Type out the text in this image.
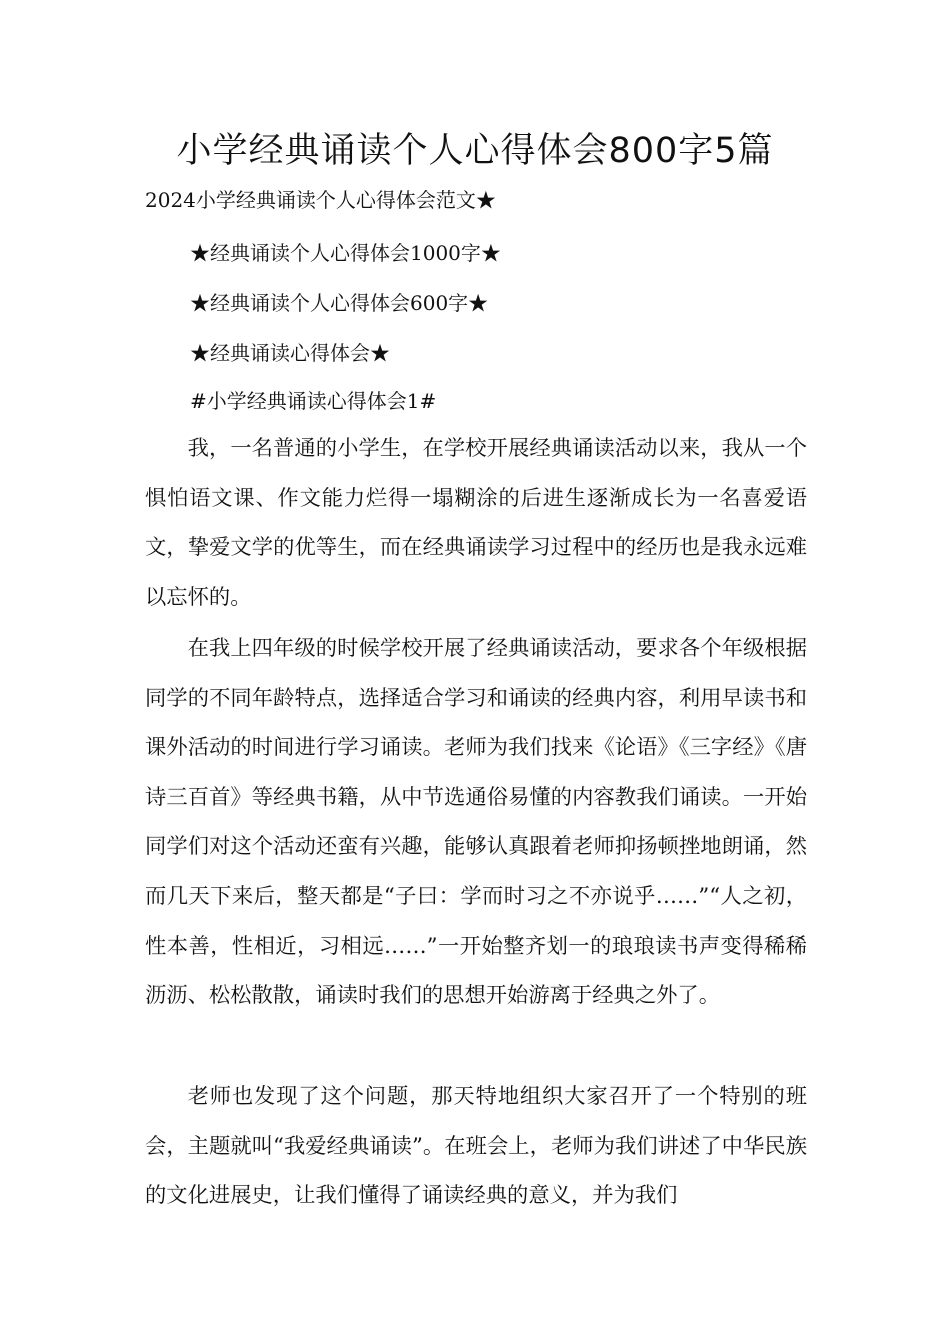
小学经典诵读个人心得体会800字5篇

2024小学经典诵读个人心得体会范文★

★经典诵读个人心得体会1000字★

★经典诵读个人心得体会600字★

★经典诵读心得体会★

#小学经典诵读心得体会1#

我，一名普通的小学生，在学校开展经典诵读活动以来，我从一个惧怕语文课、作文能力烂得一塌糊涂的后进生逐渐成长为一名喜爱语文，挚爱文学的优等生，而在经典诵读学习过程中的经历也是我永远难以忘怀的。

在我上四年级的时候学校开展了经典诵读活动，要求各个年级根据同学的不同年龄特点，选择适合学习和诵读的经典内容，利用早读书和课外活动的时间进行学习诵读。老师为我们找来《论语》《三字经》《唐诗三百首》等经典书籍，从中节选通俗易懂的内容教我们诵读。一开始同学们对这个活动还蛮有兴趣，能够认真跟着老师抑扬顿挫地朗诵，然而几天下来后，整天都是“子曰：学而时习之不亦说乎……”“人之初，性本善，性相近，习相远……”一开始整齐划一的琅琅读书声变得稀稀沥沥、松松散散，诵读时我们的思想开始游离于经典之外了。

老师也发现了这个问题，那天特地组织大家召开了一个特别的班会，主题就叫“我爱经典诵读”。在班会上，老师为我们讲述了中华民族的文化进展史，让我们懂得了诵读经典的意义，并为我们
